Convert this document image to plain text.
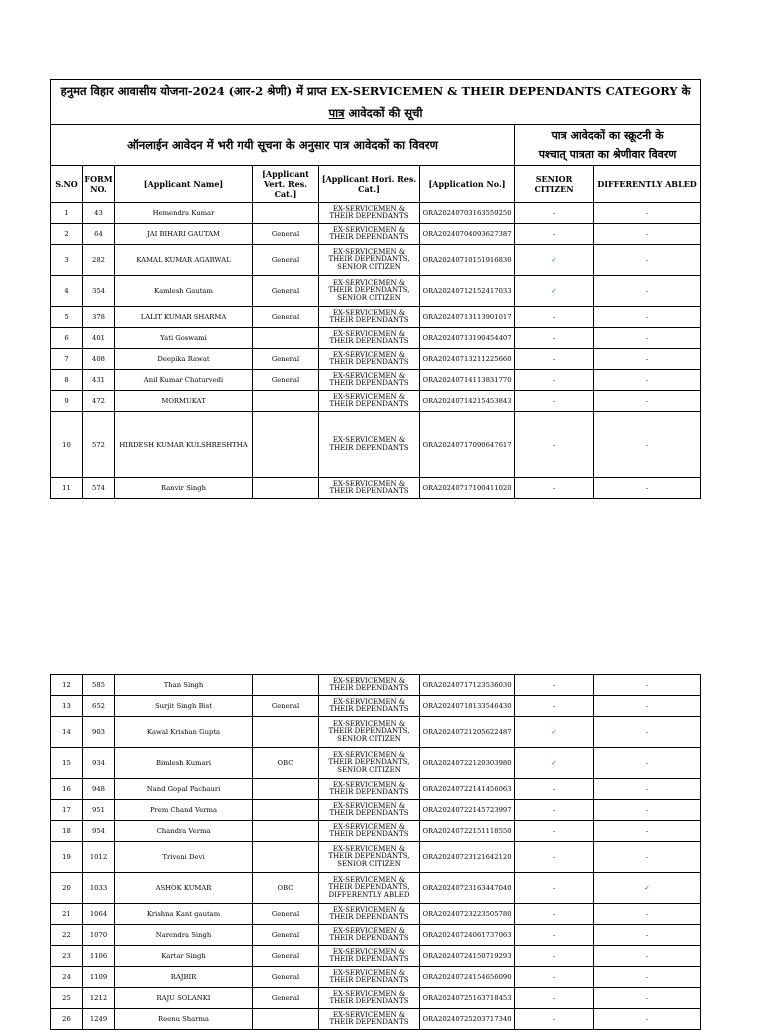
हनुमत विहार आवासीय योजना-2024 (आर-2 श्रेणी) में प्राप्त EX-SERVICEMEN & THEIR DEPENDANTS CATEGORY के
पात्र आवेदकों की सूची							

ऑनलाईन आवेदन में भरी गयी सूचना के अनुसार पात्र आवेदकों का विवरण						पात्र आवेदकों का स्क्रूटनी के
पश्चात् पात्रता का श्रेणीवार विवरण	

S.NO	FORM NO.	[Applicant Name]	[Applicant Vert. Res. Cat.]	[Applicant Hori. Res. Cat.]	[Application No.]	SENIOR CITIZEN	DIFFERENTLY ABLED
1	43	Hemendra Kumar		EX-SERVICEMEN &
THEIR DEPENDANTS	ORA20240703163559250	-	-
2	64	JAI BIHARI GAUTAM	General	EX-SERVICEMEN &
THEIR DEPENDANTS	ORA20240704093627387	-	-
3	282	KAMAL KUMAR AGARWAL	General	EX-SERVICEMEN &
THEIR DEPENDANTS,
SENIOR CITIZEN	ORA20240710151916830	✓	-
4	354	Kamlesh Gautam	General	EX-SERVICEMEN &
THEIR DEPENDANTS,
SENIOR CITIZEN	ORA20240712152417033	✓	-
5	378	LALIT KUMAR SHARMA	General	EX-SERVICEMEN &
THEIR DEPENDANTS	ORA20240713113901017	-	-
6	401	Yati Goswami		EX-SERVICEMEN &
THEIR DEPENDANTS	ORA20240713190454407	-	-
7	408	Deepika Rawat	General	EX-SERVICEMEN &
THEIR DEPENDANTS	ORA20240713211225660	-	-
8	431	Anil Kumar Chaturvedi	General	EX-SERVICEMEN &
THEIR DEPENDANTS	ORA20240714113831770	-	-
9	472	MORMUKAT		EX-SERVICEMEN &
THEIR DEPENDANTS	ORA20240714215453843	-	-
10	572	HIRDESH KUMAR KULSHRESHTHA		EX-SERVICEMEN &
THEIR DEPENDANTS	ORA20240717090647617	-	-
11	574	Ranvir Singh		EX-SERVICEMEN &
THEIR DEPENDANTS	ORA20240717100411020	-	-
12	585	Than Singh		EX-SERVICEMEN &
THEIR DEPENDANTS	ORA20240717123536030	-	-
13	652	Surjit Singh Bist	General	EX-SERVICEMEN &
THEIR DEPENDANTS	ORA20240718133546430	-	-
14	903	Kawal Krishan Gupta		EX-SERVICEMEN &
THEIR DEPENDANTS,
SENIOR CITIZEN	ORA20240721205622487	✓	-
15	934	Bimlesh Kumari	OBC	EX-SERVICEMEN &
THEIR DEPENDANTS,
SENIOR CITIZEN	ORA20240722120303980	✓	-
16	948	Nand Gopal Pachauri		EX-SERVICEMEN &
THEIR DEPENDANTS	ORA20240722141456063	-	-
17	951	Prem Chand Verma		EX-SERVICEMEN &
THEIR DEPENDANTS	ORA20240722145723997	-	-
18	954	Chandra Verma		EX-SERVICEMEN &
THEIR DEPENDANTS	ORA20240722151118550	-	-
19	1012	Triveni Devi		EX-SERVICEMEN &
THEIR DEPENDANTS,
SENIOR CITIZEN	ORA20240723121642120	-	-
20	1033	ASHOK KUMAR	OBC	EX-SERVICEMEN &
THEIR DEPENDANTS,
DIFFERENTLY ABLED	ORA20240723163447040	-	✓
21	1064	Krishna Kant gautam	General	EX-SERVICEMEN &
THEIR DEPENDANTS	ORA20240723223505780	-	-
22	1070	Narendra Singh	General	EX-SERVICEMEN &
THEIR DEPENDANTS	ORA20240724061737063	-	-
23	1106	Kartar Singh	General	EX-SERVICEMEN &
THEIR DEPENDANTS	ORA20240724150719293	-	-
24	1109	RAJBIR	General	EX-SERVICEMEN &
THEIR DEPENDANTS	ORA20240724154656090	-	-
25	1212	RAJU SOLANKI	General	EX-SERVICEMEN &
THEIR DEPENDANTS	ORA20240725163718453	-	-
26	1249	Reenu Sharma		EX-SERVICEMEN &
THEIR DEPENDANTS	ORA20240725203717340	-	-
